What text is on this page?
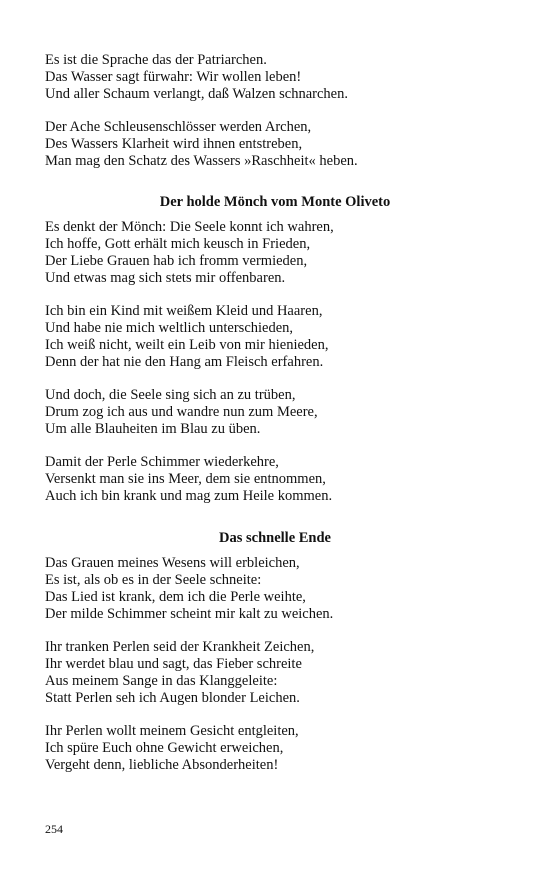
Es ist die Sprache das der Patriarchen.
Das Wasser sagt fürwahr: Wir wollen leben!
Und aller Schaum verlangt, daß Walzen schnarchen.
Der Ache Schleusenschlösser werden Archen,
Des Wassers Klarheit wird ihnen entstreben,
Man mag den Schatz des Wassers »Raschheit« heben.
Der holde Mönch vom Monte Oliveto
Es denkt der Mönch: Die Seele konnt ich wahren,
Ich hoffe, Gott erhält mich keusch in Frieden,
Der Liebe Grauen hab ich fromm vermieden,
Und etwas mag sich stets mir offenbaren.
Ich bin ein Kind mit weißem Kleid und Haaren,
Und habe nie mich weltlich unterschieden,
Ich weiß nicht, weilt ein Leib von mir hienieden,
Denn der hat nie den Hang am Fleisch erfahren.
Und doch, die Seele sing sich an zu trüben,
Drum zog ich aus und wandre nun zum Meere,
Um alle Blauheiten im Blau zu üben.
Damit der Perle Schimmer wiederkehre,
Versenkt man sie ins Meer, dem sie entnommen,
Auch ich bin krank und mag zum Heile kommen.
Das schnelle Ende
Das Grauen meines Wesens will erbleichen,
Es ist, als ob es in der Seele schneite:
Das Lied ist krank, dem ich die Perle weihte,
Der milde Schimmer scheint mir kalt zu weichen.
Ihr tranken Perlen seid der Krankheit Zeichen,
Ihr werdet blau und sagt, das Fieber schreite
Aus meinem Sange in das Klanggeleite:
Statt Perlen seh ich Augen blonder Leichen.
Ihr Perlen wollt meinem Gesicht entgleiten,
Ich spüre Euch ohne Gewicht erweichen,
Vergeht denn, liebliche Absonderheiten!
254
